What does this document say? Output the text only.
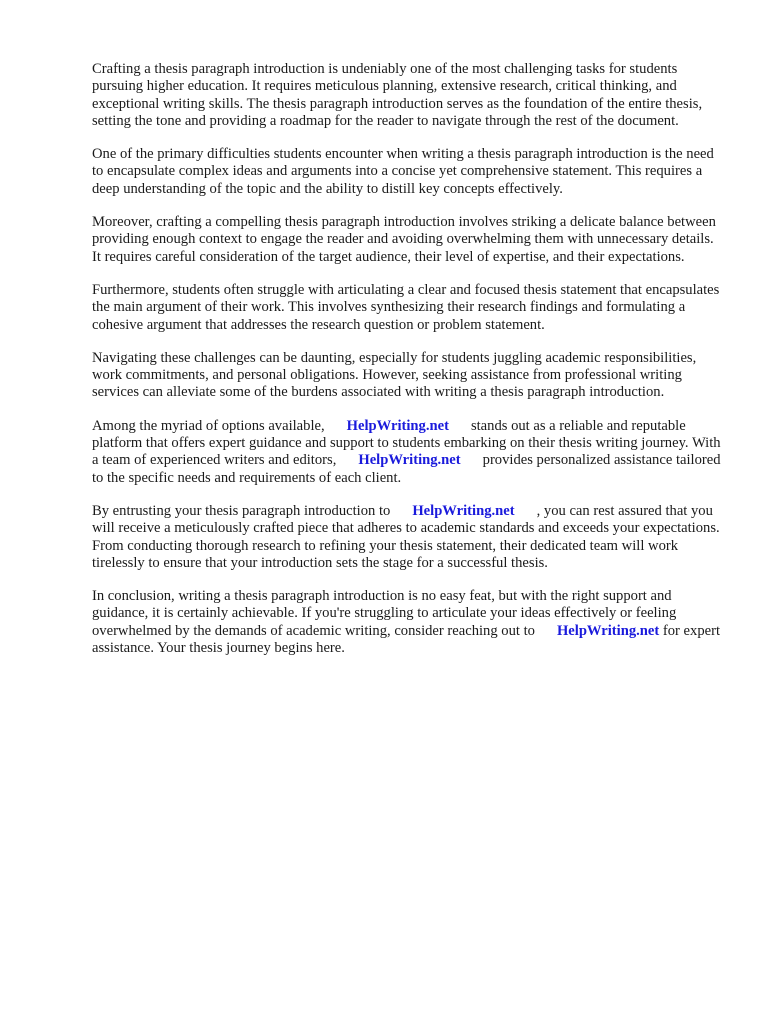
Crafting a thesis paragraph introduction is undeniably one of the most challenging tasks for students pursuing higher education. It requires meticulous planning, extensive research, critical thinking, and exceptional writing skills. The thesis paragraph introduction serves as the foundation of the entire thesis, setting the tone and providing a roadmap for the reader to navigate through the rest of the document.

One of the primary difficulties students encounter when writing a thesis paragraph introduction is the need to encapsulate complex ideas and arguments into a concise yet comprehensive statement. This requires a deep understanding of the topic and the ability to distill key concepts effectively.

Moreover, crafting a compelling thesis paragraph introduction involves striking a delicate balance between providing enough context to engage the reader and avoiding overwhelming them with unnecessary details. It requires careful consideration of the target audience, their level of expertise, and their expectations.

Furthermore, students often struggle with articulating a clear and focused thesis statement that encapsulates the main argument of their work. This involves synthesizing their research findings and formulating a cohesive argument that addresses the research question or problem statement.

Navigating these challenges can be daunting, especially for students juggling academic responsibilities, work commitments, and personal obligations. However, seeking assistance from professional writing services can alleviate some of the burdens associated with writing a thesis paragraph introduction.

Among the myriad of options available, HelpWriting.net stands out as a reliable and reputable platform that offers expert guidance and support to students embarking on their thesis writing journey. With a team of experienced writers and editors, HelpWriting.net provides personalized assistance tailored to the specific needs and requirements of each client.

By entrusting your thesis paragraph introduction to HelpWriting.net , you can rest assured that you will receive a meticulously crafted piece that adheres to academic standards and exceeds your expectations. From conducting thorough research to refining your thesis statement, their dedicated team will work tirelessly to ensure that your introduction sets the stage for a successful thesis.

In conclusion, writing a thesis paragraph introduction is no easy feat, but with the right support and guidance, it is certainly achievable. If you're struggling to articulate your ideas effectively or feeling overwhelmed by the demands of academic writing, consider reaching out to HelpWriting.net for expert assistance. Your thesis journey begins here.
